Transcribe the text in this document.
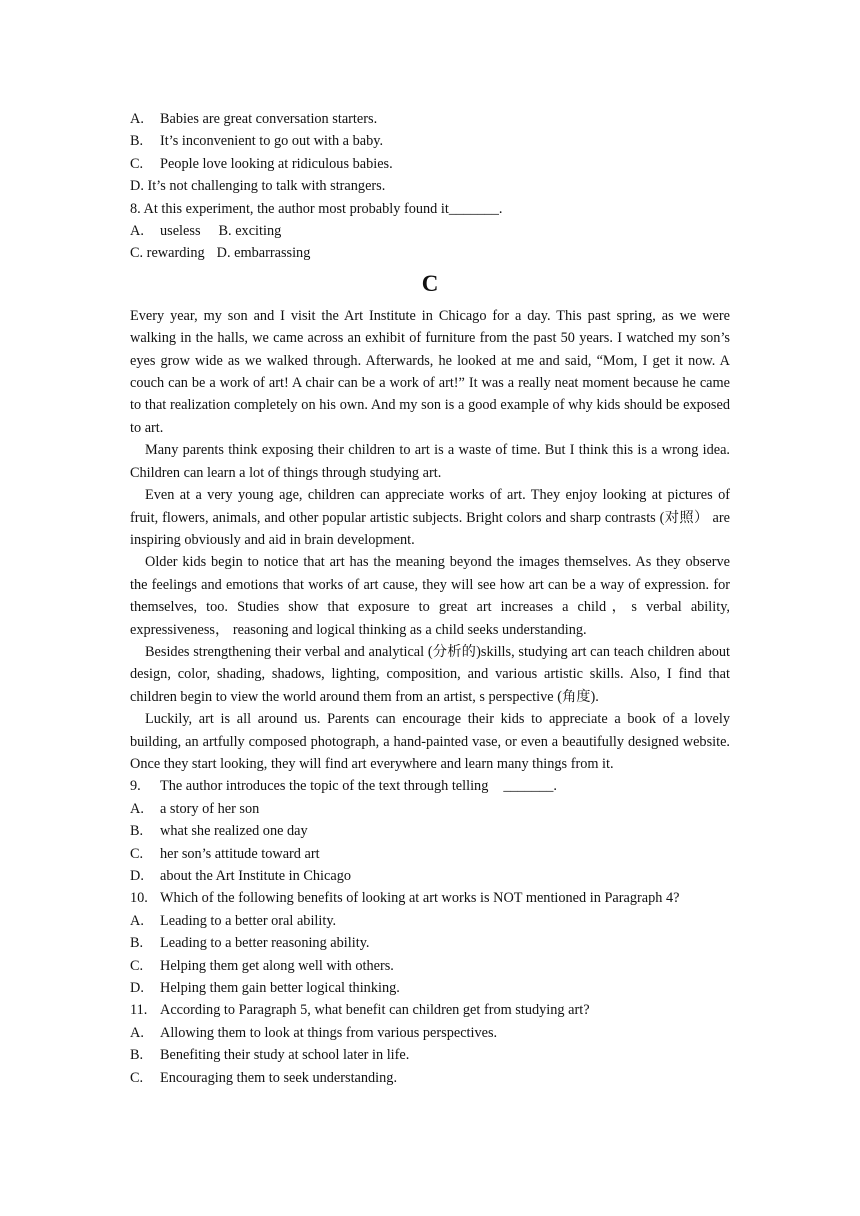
A. Babies are great conversation starters.
B. It’s inconvenient to go out with a baby.
C. People love looking at ridiculous babies.
D. It’s not challenging to talk with strangers.
8. At this experiment, the author most probably found it_______.
A. useless B. exciting
C. rewarding D. embarrassing
C
Every year, my son and I visit the Art Institute in Chicago for a day. This past spring, as we were walking in the halls, we came across an exhibit of furniture from the past 50 years. I watched my son’s eyes grow wide as we walked through. Afterwards, he looked at me and said, “Mom, I get it now. A couch can be a work of art! A chair can be a work of art!” It was a really neat moment because he came to that realization completely on his own. And my son is a good example of why kids should be exposed to art.
Many parents think exposing their children to art is a waste of time. But I think this is a wrong idea. Children can learn a lot of things through studying art.
Even at a very young age, children can appreciate works of art. They enjoy looking at pictures of fruit, flowers, animals, and other popular artistic subjects. Bright colors and sharp contrasts (对照） are inspiring obviously and aid in brain development.
Older kids begin to notice that art has the meaning beyond the images themselves. As they observe the feelings and emotions that works of art cause, they will see how art can be a way of expression. for themselves, too. Studies show that exposure to great art increases a child，s verbal ability, expressiveness， reasoning and logical thinking as a child seeks understanding.
Besides strengthening their verbal and analytical (分析的)skills, studying art can teach children about design, color, shading, shadows, lighting, composition, and various artistic skills. Also, I find that children begin to view the world around them from an artist, s perspective (角度).
Luckily, art is all around us. Parents can encourage their kids to appreciate a book of a lovely building, an artfully composed photograph, a hand-painted vase, or even a beautifully designed website. Once they start looking, they will find art everywhere and learn many things from it.
9. The author introduces the topic of the text through telling _______.
A. a story of her son
B. what she realized one day
C. her son’s attitude toward art
D. about the Art Institute in Chicago
10. Which of the following benefits of looking at art works is NOT mentioned in Paragraph 4?
A. Leading to a better oral ability.
B. Leading to a better reasoning ability.
C. Helping them get along well with others.
D. Helping them gain better logical thinking.
11. According to Paragraph 5, what benefit can children get from studying art?
A. Allowing them to look at things from various perspectives.
B. Benefiting their study at school later in life.
C. Encouraging them to seek understanding.
